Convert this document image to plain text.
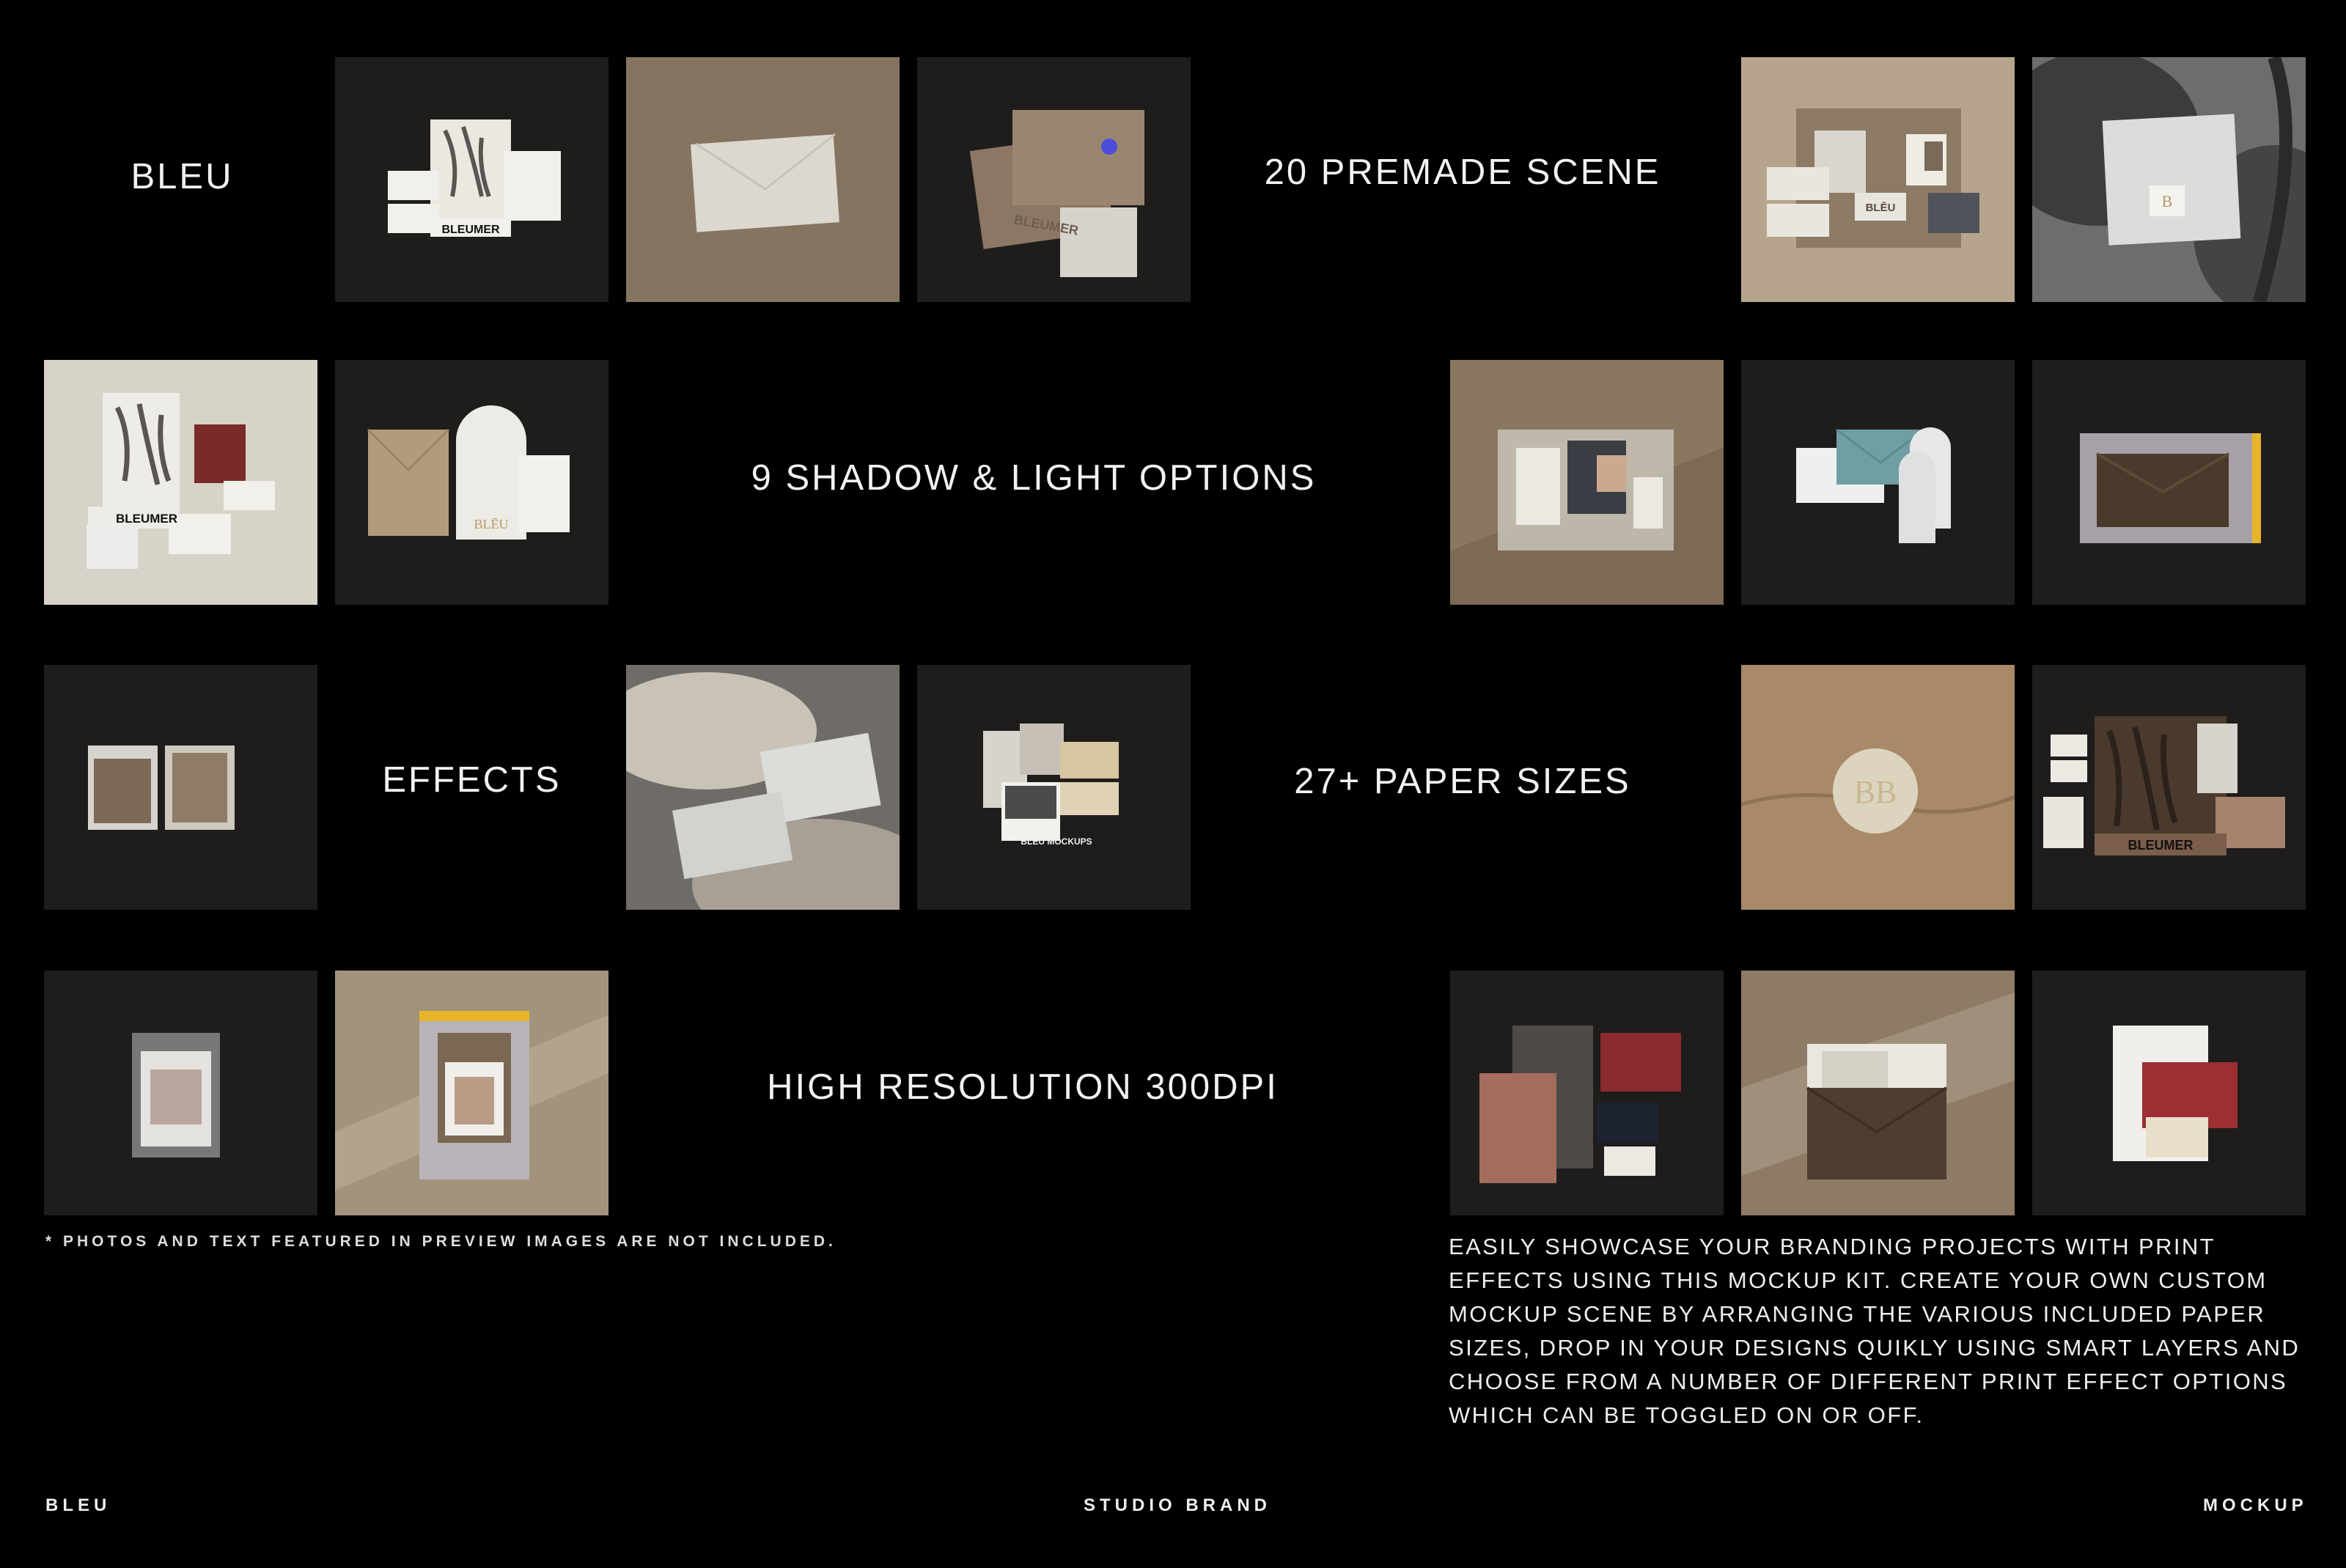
BLEU
BLEUMER	BLEUMER
20 PREMADE SCENE
BLĒU	B
BLEUMER	BLĒU
9 SHADOW & LIGHT OPTIONS
EFFECTS
BLEU MOCKUPS
27+ PAPER SIZES	BB
BLEUMER
HIGH RESOLUTION 300DPI
* PHOTOS AND TEXT FEATURED IN PREVIEW IMAGES ARE NOT INCLUDED.	EASILY SHOWCASE YOUR BRANDING PROJECTS WITH PRINT EFFECTS USING THIS MOCKUP KIT. CREATE YOUR OWN CUSTOM MOCKUP SCENE BY ARRANGING THE VARIOUS INCLUDED PAPER SIZES, DROP IN YOUR DESIGNS QUIKLY USING SMART LAYERS AND CHOOSE FROM A NUMBER OF DIFFERENT PRINT EFFECT OPTIONS WHICH CAN BE TOGGLED ON OR OFF.
BLEU	STUDIO BRAND	MOCKUP
